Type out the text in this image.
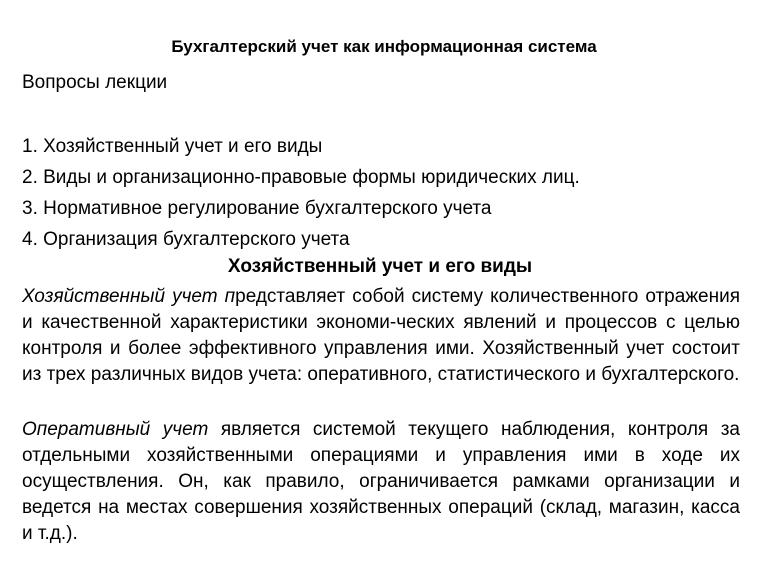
Бухгалтерский учет как информационная система
Вопросы лекции
1. Хозяйственный учет и его виды
2. Виды и организационно-правовые формы юридических лиц.
3. Нормативное регулирование бухгалтерского учета
4. Организация бухгалтерского учета
Хозяйственный учет и его виды

Хозяйственный учет представляет собой систему количественного отражения и качественной характеристики экономи-ческих явлений и процессов с целью контроля и более эффективного управления ими. Хозяйственный учет состоит из трех различных видов учета: оперативного, статистического и бухгалтерского.

Оперативный учет является системой текущего наблюдения, контроля за отдельными хозяйственными операциями и управления ими в ходе их осуществления. Он, как правило, ограничивается рамками организации и ведется на местах совершения хозяйственных операций (склад, магазин, касса и т.д.).
